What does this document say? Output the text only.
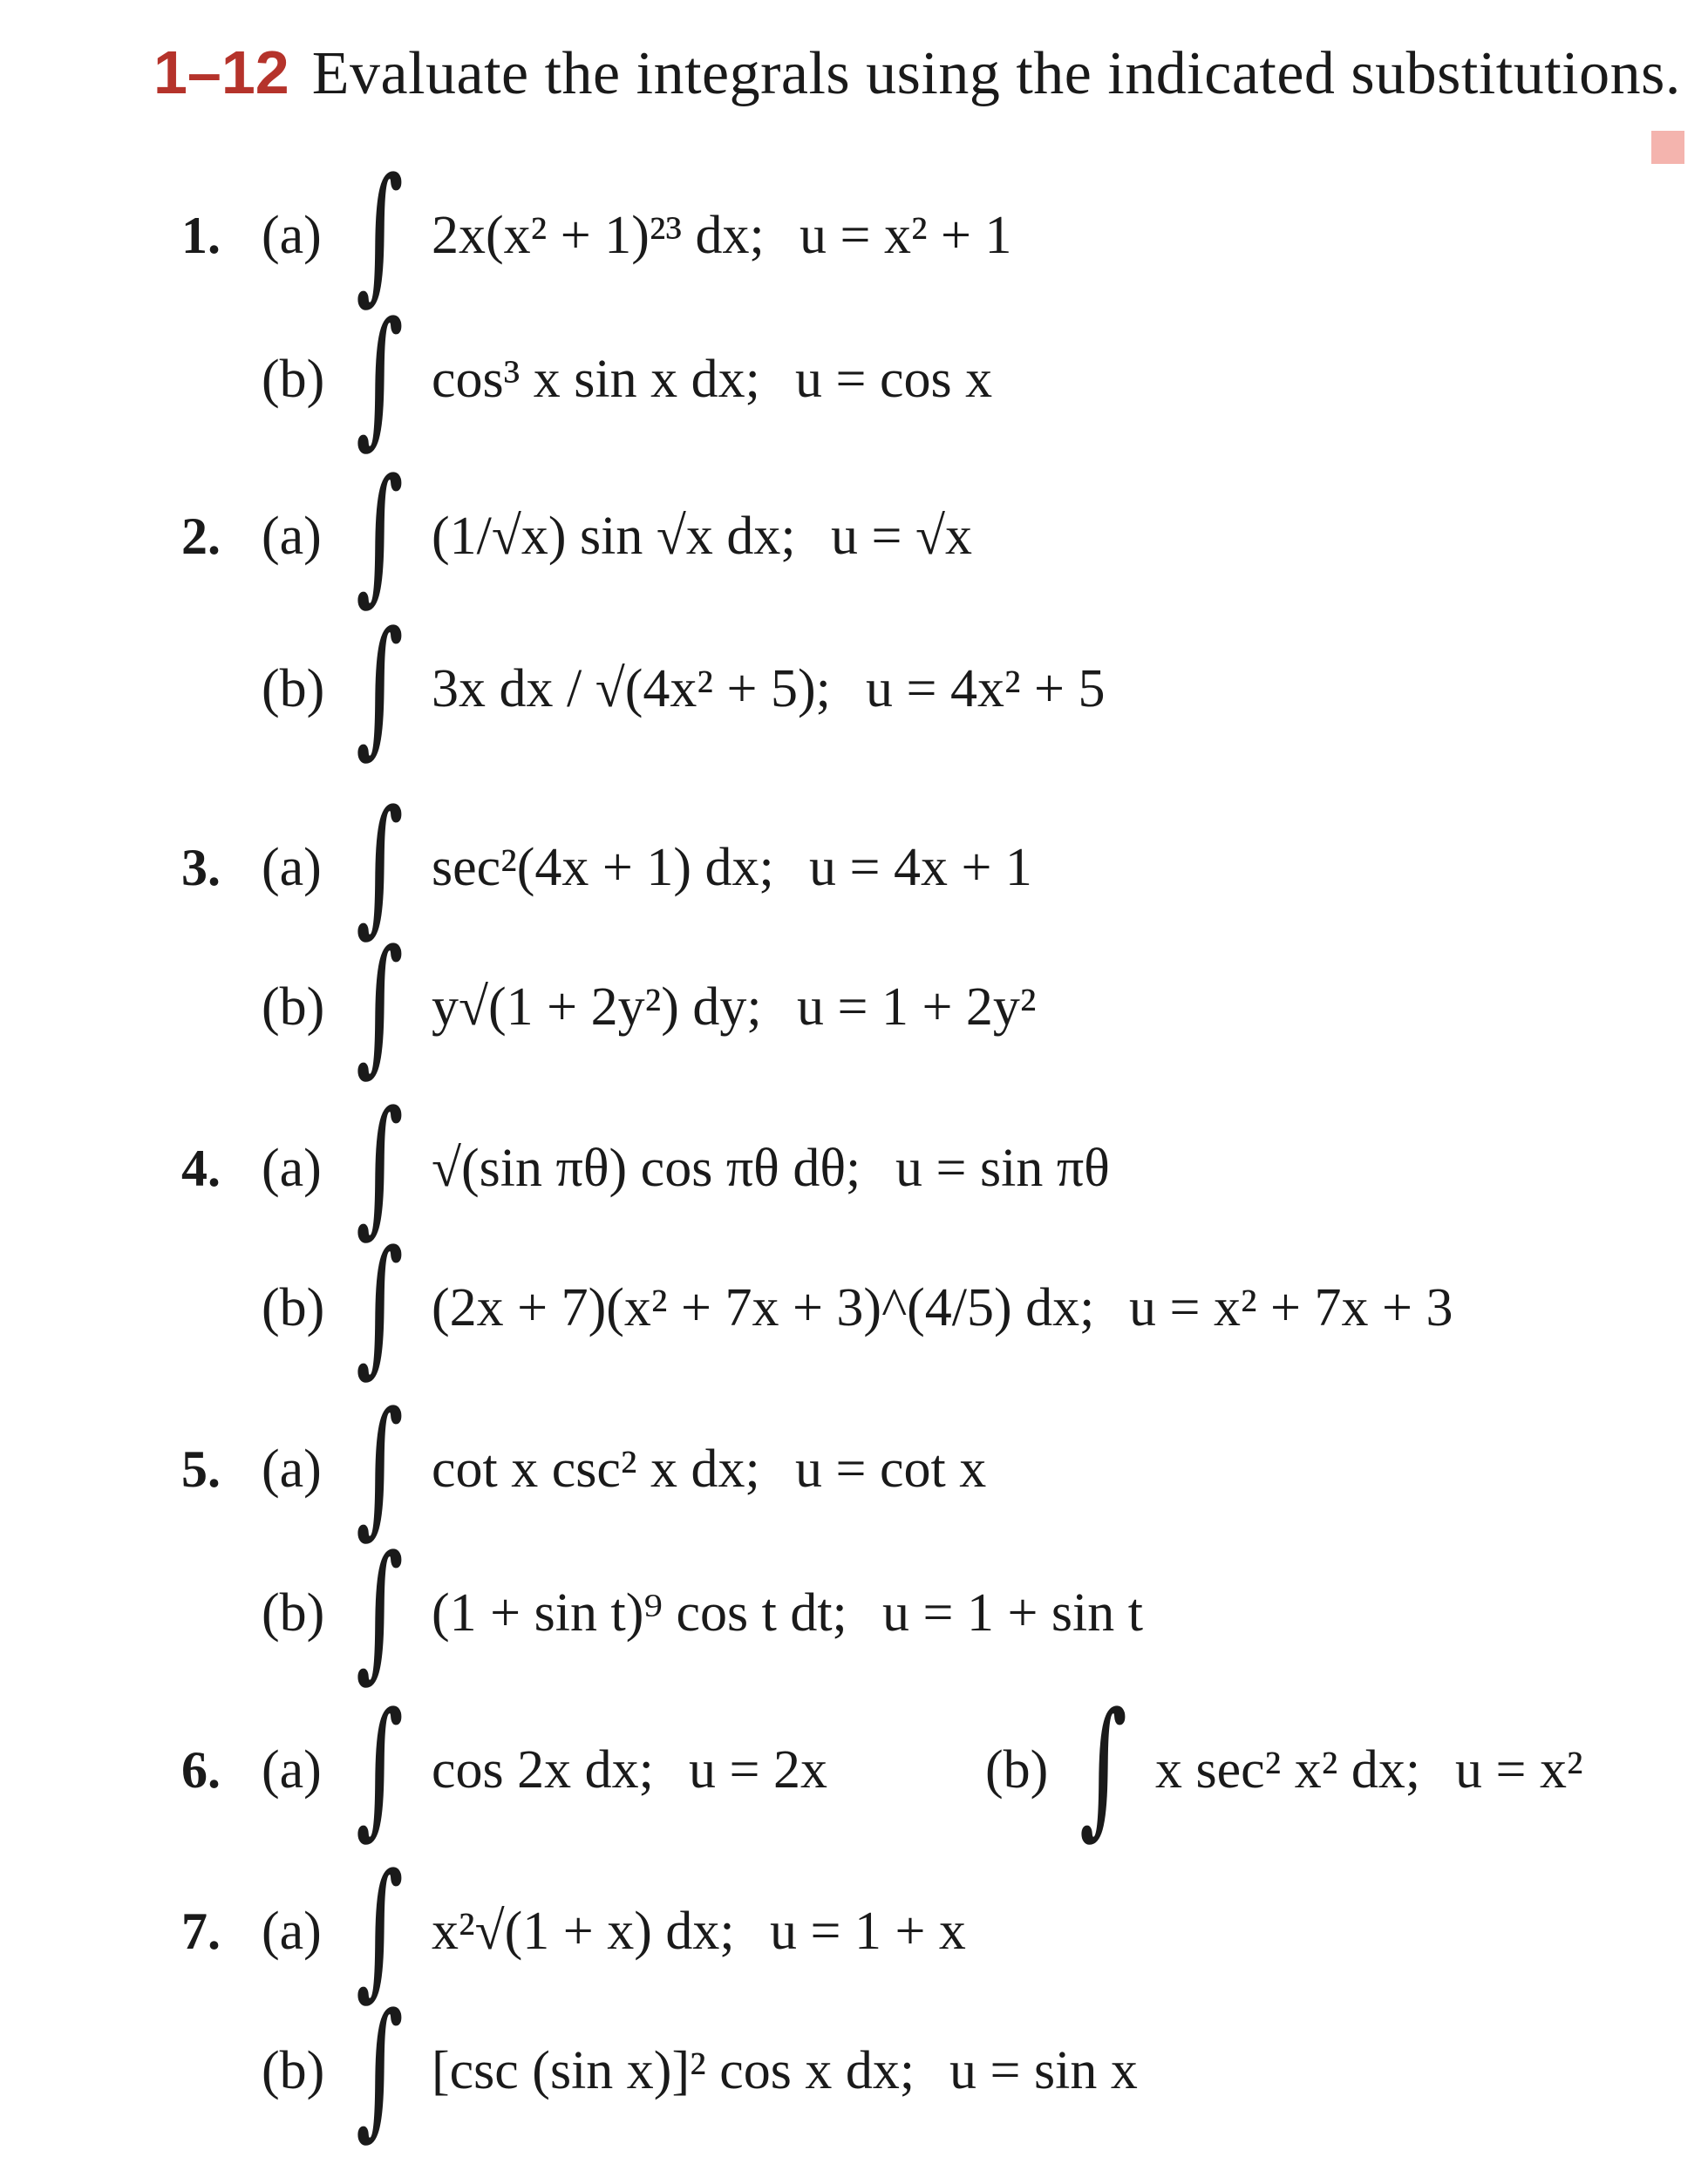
1–12 Evaluate the integrals using the indicated substitutions.
1. (a) ∫ 2x(x² + 1)²³ dx; u = x² + 1
(b) ∫ cos³ x sin x dx; u = cos x
2. (a) ∫ (1/√x) sin √x dx; u = √x
(b) ∫ 3x dx / √(4x² + 5); u = 4x² + 5
3. (a) ∫ sec²(4x + 1) dx; u = 4x + 1
(b) ∫ y√(1 + 2y²) dy; u = 1 + 2y²
4. (a) ∫ √(sin πθ) cos πθ dθ; u = sin πθ
(b) ∫ (2x + 7)(x² + 7x + 3)^(4/5) dx; u = x² + 7x + 3
5. (a) ∫ cot x csc² x dx; u = cot x
(b) ∫ (1 + sin t)⁹ cos t dt; u = 1 + sin t
6. (a) ∫ cos 2x dx; u = 2x	(b) ∫ x sec² x² dx; u = x²
7. (a) ∫ x²√(1 + x) dx; u = 1 + x
(b) ∫ [csc (sin x)]² cos x dx; u = sin x
